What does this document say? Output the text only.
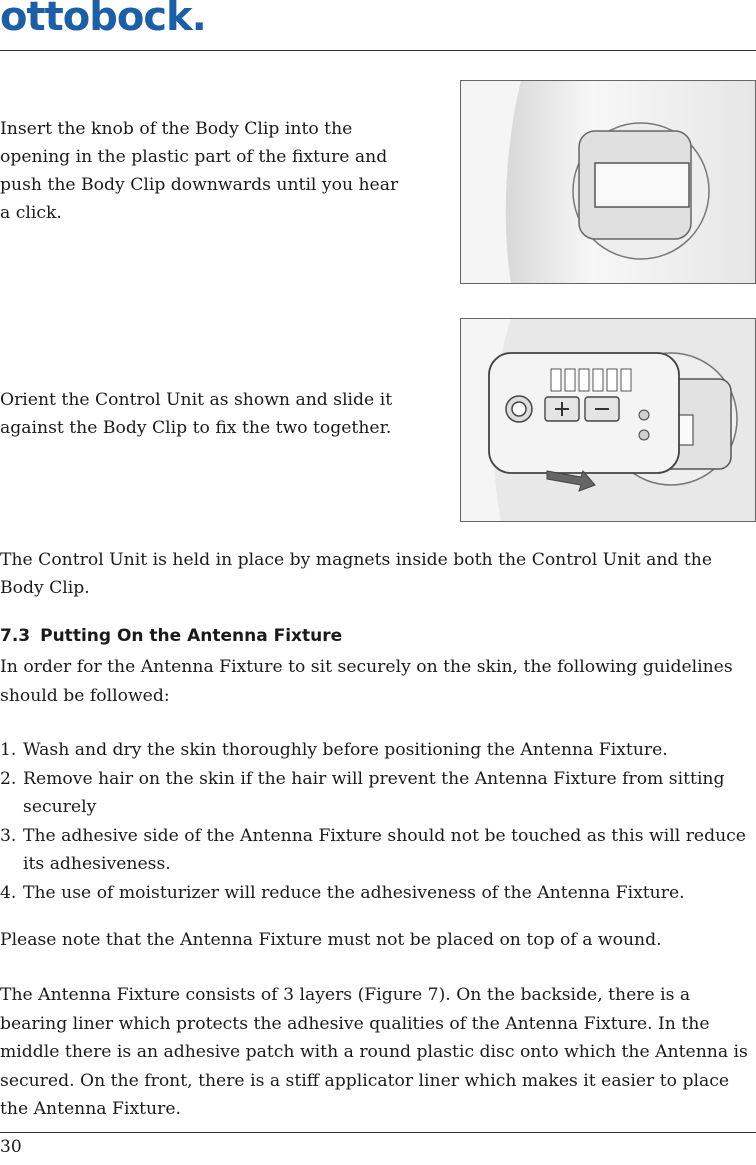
ottobock.

Insert the knob of the Body Clip into the opening in the plastic part of the fixture and push the Body Clip downwards until you hear a click.

Orient the Control Unit as shown and slide it against the Body Clip to fix the two together.

The Control Unit is held in place by magnets inside both the Control Unit and the Body Clip.

7.3 Putting On the Antenna Fixture

In order for the Antenna Fixture to sit securely on the skin, the following guidelines should be followed:

1. Wash and dry the skin thoroughly before positioning the Antenna Fixture.
2. Remove hair on the skin if the hair will prevent the Antenna Fixture from sitting securely
3. The adhesive side of the Antenna Fixture should not be touched as this will reduce its adhesiveness.
4. The use of moisturizer will reduce the adhesiveness of the Antenna Fixture.

Please note that the Antenna Fixture must not be placed on top of a wound.

The Antenna Fixture consists of 3 layers (Figure 7). On the backside, there is a bearing liner which protects the adhesive qualities of the Antenna Fixture. In the middle there is an adhesive patch with a round plastic disc onto which the Antenna is secured. On the front, there is a stiff applicator liner which makes it easier to place the Antenna Fixture.

30
